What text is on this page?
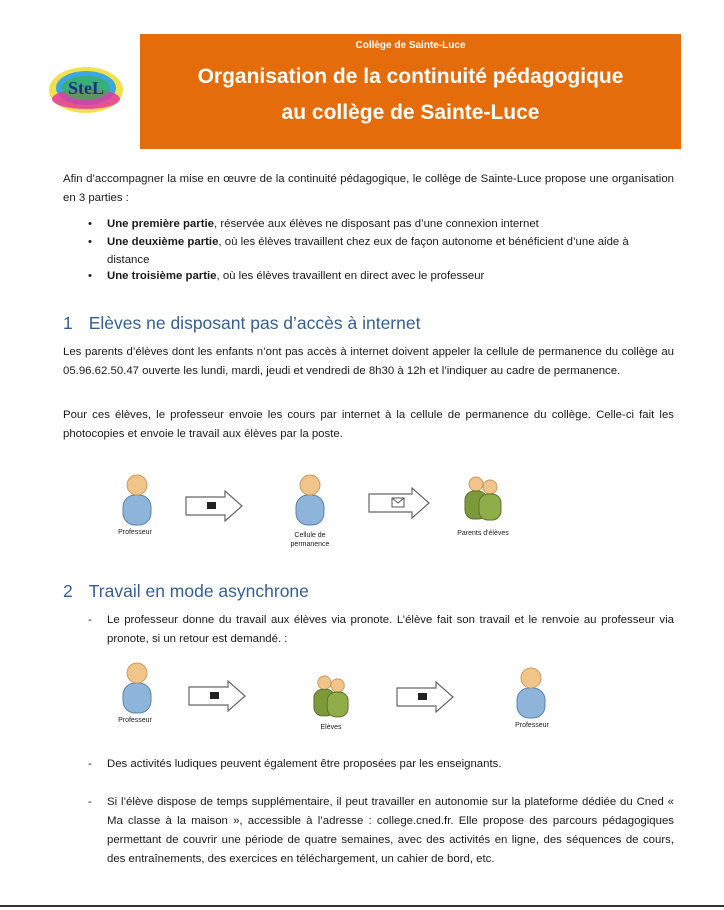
SteL
Collège de Sainte-Luce
Organisation de la continuité pédagogique
au collège de Sainte-Luce
Afin d’accompagner la mise en œuvre de la continuité pédagogique, le collège de Sainte-Luce propose une organisation en 3 parties :
• Une première partie, réservée aux élèves ne disposant pas d’une connexion internet
• Une deuxième partie, où les élèves travaillent chez eux de façon autonome et bénéficient d’une aide à distance
• Une troisième partie, où les élèves travaillent en direct avec le professeur
1 Elèves ne disposant pas d’accès à internet
Les parents d’élèves dont les enfants n’ont pas accès à internet doivent appeler la cellule de permanence du collège au 05.96.62.50.47 ouverte les lundi, mardi, jeudi et vendredi de 8h30 à 12h et l’indiquer au cadre de permanence.
Pour ces élèves, le professeur envoie les cours par internet à la cellule de permanence du collège. Celle-ci fait les photocopies et envoie le travail aux élèves par la poste.
Professeur	Cellule de
permanence
Parents d'élèves
2 Travail en mode asynchrone
- Le professeur donne du travail aux élèves via pronote. L’élève fait son travail et le renvoie au professeur via pronote, si un retour est demandé. :
Professeur
Elèves	Professeur
- Des activités ludiques peuvent également être proposées par les enseignants.
- Si l’élève dispose de temps supplémentaire, il peut travailler en autonomie sur la plateforme dédiée du Cned « Ma classe à la maison », accessible à l’adresse : college.cned.fr. Elle propose des parcours pédagogiques permettant de couvrir une période de quatre semaines, avec des activités en ligne, des séquences de cours, des entraînements, des exercices en téléchargement, un cahier de bord, etc.
